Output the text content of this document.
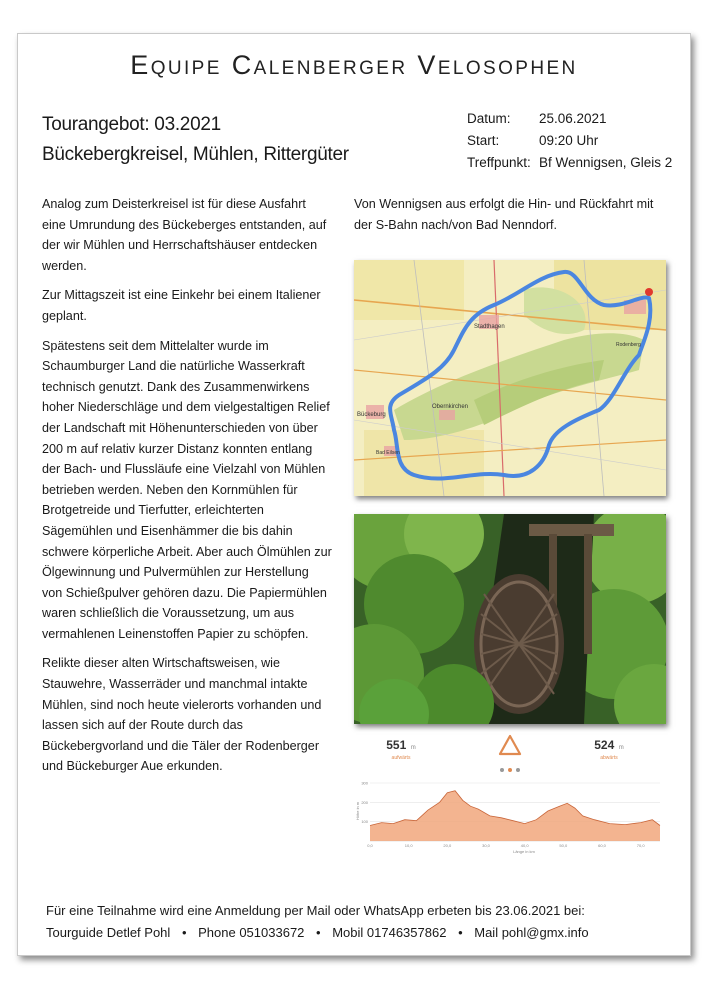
Equipe Calenberger Velosophen
Tourangebot: 03.2021
Bückebergkreisel, Mühlen, Rittergüter
Datum:	25.06.2021
Start:	09:20 Uhr
Treffpunkt: Bf Wennigsen, Gleis 2

Analog zum Deisterkreisel ist für diese Ausfahrt eine Umrundung des Bückeberges entstanden, auf der wir Mühlen und Herrschaftshäuser entdecken werden.

Zur Mittagszeit ist eine Einkehr bei einem Italiener geplant.

Spätestens seit dem Mittelalter wurde im Schaumburger Land die natürliche Wasserkraft technisch genutzt. Dank des Zusammenwirkens hoher Niederschläge und dem vielgestaltigen Relief der Landschaft mit Höhenunterschieden von über 200 m auf relativ kurzer Distanz konnten entlang der Bach- und Flussläufe eine Vielzahl von Mühlen betrieben werden. Neben den Kornmühlen für Brotgetreide und Tierfutter, erleichterten Sägemühlen und Eisenhämmer die bis dahin schwere körperliche Arbeit. Aber auch Ölmühlen zur Ölgewinnung und Pulvermühlen zur Herstellung von Schießpulver gehören dazu. Die Papiermühlen waren schließlich die Voraussetzung, um aus vermahlenen Leinenstoffen Papier zu schöpfen.

Relikte dieser alten Wirtschaftsweisen, wie Stauwehre, Wasserräder und manchmal intakte Mühlen, sind noch heute vielerorts vorhanden und lassen sich auf der Route durch das Bückebergvorland und die Täler der Rodenberger und Bückeburger Aue erkunden.

Von Wennigsen aus erfolgt die Hin- und Rückfahrt mit der S-Bahn nach/von Bad Nenndorf.
Stadthagen
Obernkirchen
Bückeburg
Bad Eilsen
Rodenberg
551 m
aufwärts
524 m
abwärts
0,0	10,0	20,0	30,0	40,0	50,0	60,0	70,0
100
200
300
Länge in km
Höhe in m
Für eine Teilnahme wird eine Anmeldung per Mail oder WhatsApp erbeten bis 23.06.2021 bei:
Tourguide Detlef Pohl • Phone 051033672 • Mobil 01746357862 • Mail pohl@gmx.info
